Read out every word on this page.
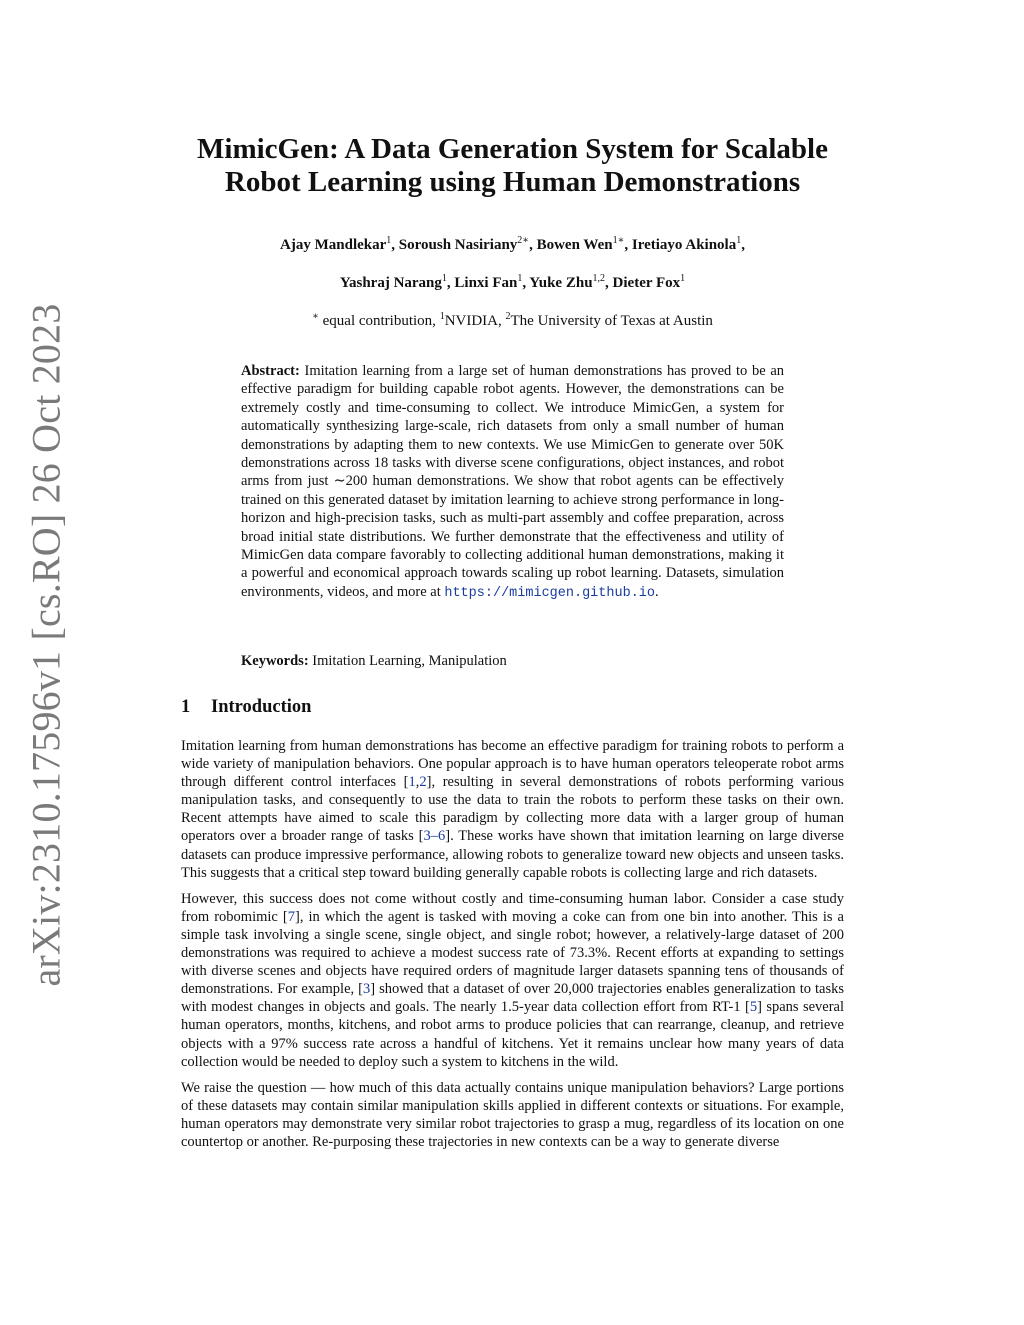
arXiv:2310.17596v1 [cs.RO] 26 Oct 2023
MimicGen: A Data Generation System for Scalable
Robot Learning using Human Demonstrations
Ajay Mandlekar$^1$, Soroush Nasiriany$^{2∗}$, Bowen Wen$^{1∗}$, Iretiayo Akinola$^1$,
Yashraj Narang$^1$, Linxi Fan$^1$, Yuke Zhu$^{1,2}$, Dieter Fox$^1$
∗ equal contribution, $^1$NVIDIA, $^2$The University of Texas at Austin
Abstract: Imitation learning from a large set of human demonstrations has proved to be an effective paradigm for building capable robot agents. However, the demonstrations can be extremely costly and time-consuming to collect. We introduce MimicGen, a system for automatically synthesizing large-scale, rich datasets from only a small number of human demonstrations by adapting them to new contexts. We use MimicGen to generate over 50K demonstrations across 18 tasks with diverse scene configurations, object instances, and robot arms from just ∼200 human demonstrations. We show that robot agents can be effectively trained on this generated dataset by imitation learning to achieve strong performance in long-horizon and high-precision tasks, such as multi-part assembly and coffee preparation, across broad initial state distributions. We further demonstrate that the effectiveness and utility of MimicGen data compare favorably to collecting additional human demonstrations, making it a powerful and economical approach towards scaling up robot learning. Datasets, simulation environments, videos, and more at https://mimicgen.github.io.
Keywords: Imitation Learning, Manipulation
1 Introduction

Imitation learning from human demonstrations has become an effective paradigm for training robots to perform a wide variety of manipulation behaviors. One popular approach is to have human operators teleoperate robot arms through different control interfaces [1,2], resulting in several demonstrations of robots performing various manipulation tasks, and consequently to use the data to train the robots to perform these tasks on their own. Recent attempts have aimed to scale this paradigm by collecting more data with a larger group of human operators over a broader range of tasks [3–6]. These works have shown that imitation learning on large diverse datasets can produce impressive performance, allowing robots to generalize toward new objects and unseen tasks. This suggests that a critical step toward building generally capable robots is collecting large and rich datasets.

However, this success does not come without costly and time-consuming human labor. Consider a case study from robomimic [7], in which the agent is tasked with moving a coke can from one bin into another. This is a simple task involving a single scene, single object, and single robot; however, a relatively-large dataset of 200 demonstrations was required to achieve a modest success rate of 73.3%. Recent efforts at expanding to settings with diverse scenes and objects have required orders of magnitude larger datasets spanning tens of thousands of demonstrations. For example, [3] showed that a dataset of over 20,000 trajectories enables generalization to tasks with modest changes in objects and goals. The nearly 1.5-year data collection effort from RT-1 [5] spans several human operators, months, kitchens, and robot arms to produce policies that can rearrange, cleanup, and retrieve objects with a 97% success rate across a handful of kitchens. Yet it remains unclear how many years of data collection would be needed to deploy such a system to kitchens in the wild.

We raise the question — how much of this data actually contains unique manipulation behaviors? Large portions of these datasets may contain similar manipulation skills applied in different contexts or situations. For example, human operators may demonstrate very similar robot trajectories to grasp a mug, regardless of its location on one countertop or another. Re-purposing these trajectories in new contexts can be a way to generate diverse
